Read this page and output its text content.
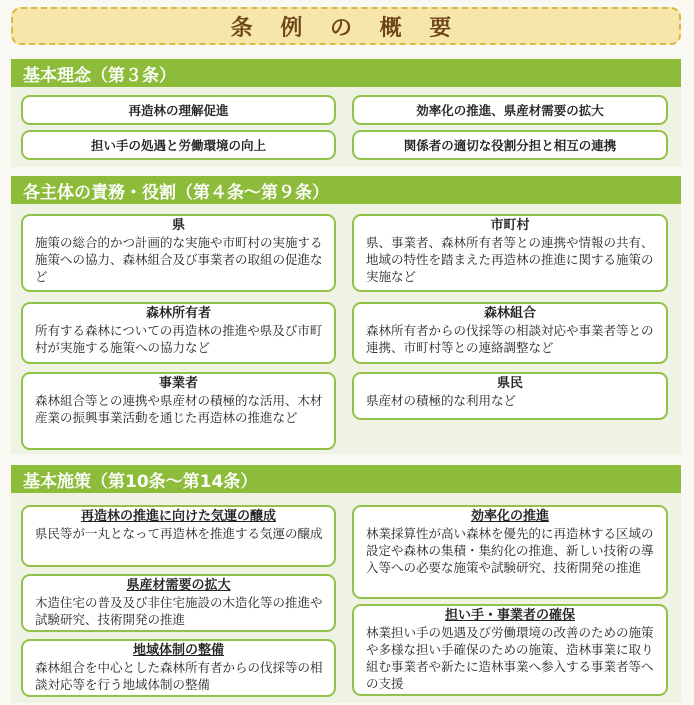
条 例 の 概 要
基本理念（第３条）
再造林の理解促進	効率化の推進、県産材需要の拡大
担い手の処遇と労働環境の向上	関係者の適切な役割分担と相互の連携
各主体の責務・役割（第４条〜第９条）
県
施策の総合的かつ計画的な実施や市町村の実施する施策への協力、森林組合及び事業者の取組の促進など
市町村
県、事業者、森林所有者等との連携や情報の共有、地域の特性を踏まえた再造林の推進に関する施策の実施など
森林所有者
所有する森林についての再造林の推進や県及び市町村が実施する施策への協力など
森林組合
森林所有者からの伐採等の相談対応や事業者等との連携、市町村等との連絡調整など
事業者
森林組合等との連携や県産材の積極的な活用、木材産業の振興事業活動を通じた再造林の推進など
県民
県産材の積極的な利用など
基本施策（第10条〜第14条）
再造林の推進に向けた気運の醸成
県民等が一丸となって再造林を推進する気運の醸成
効率化の推進
林業採算性が高い森林を優先的に再造林する区域の設定や森林の集積・集約化の推進、新しい技術の導入等への必要な施策や試験研究、技術開発の推進
県産材需要の拡大
木造住宅の普及及び非住宅施設の木造化等の推進や試験研究、技術開発の推進	担い手・事業者の確保
林業担い手の処遇及び労働環境の改善のための施策や多様な担い手確保のための施策、造林事業に取り組む事業者や新たに造林事業へ参入する事業者等への支援
地域体制の整備
森林組合を中心とした森林所有者からの伐採等の相談対応等を行う地域体制の整備
